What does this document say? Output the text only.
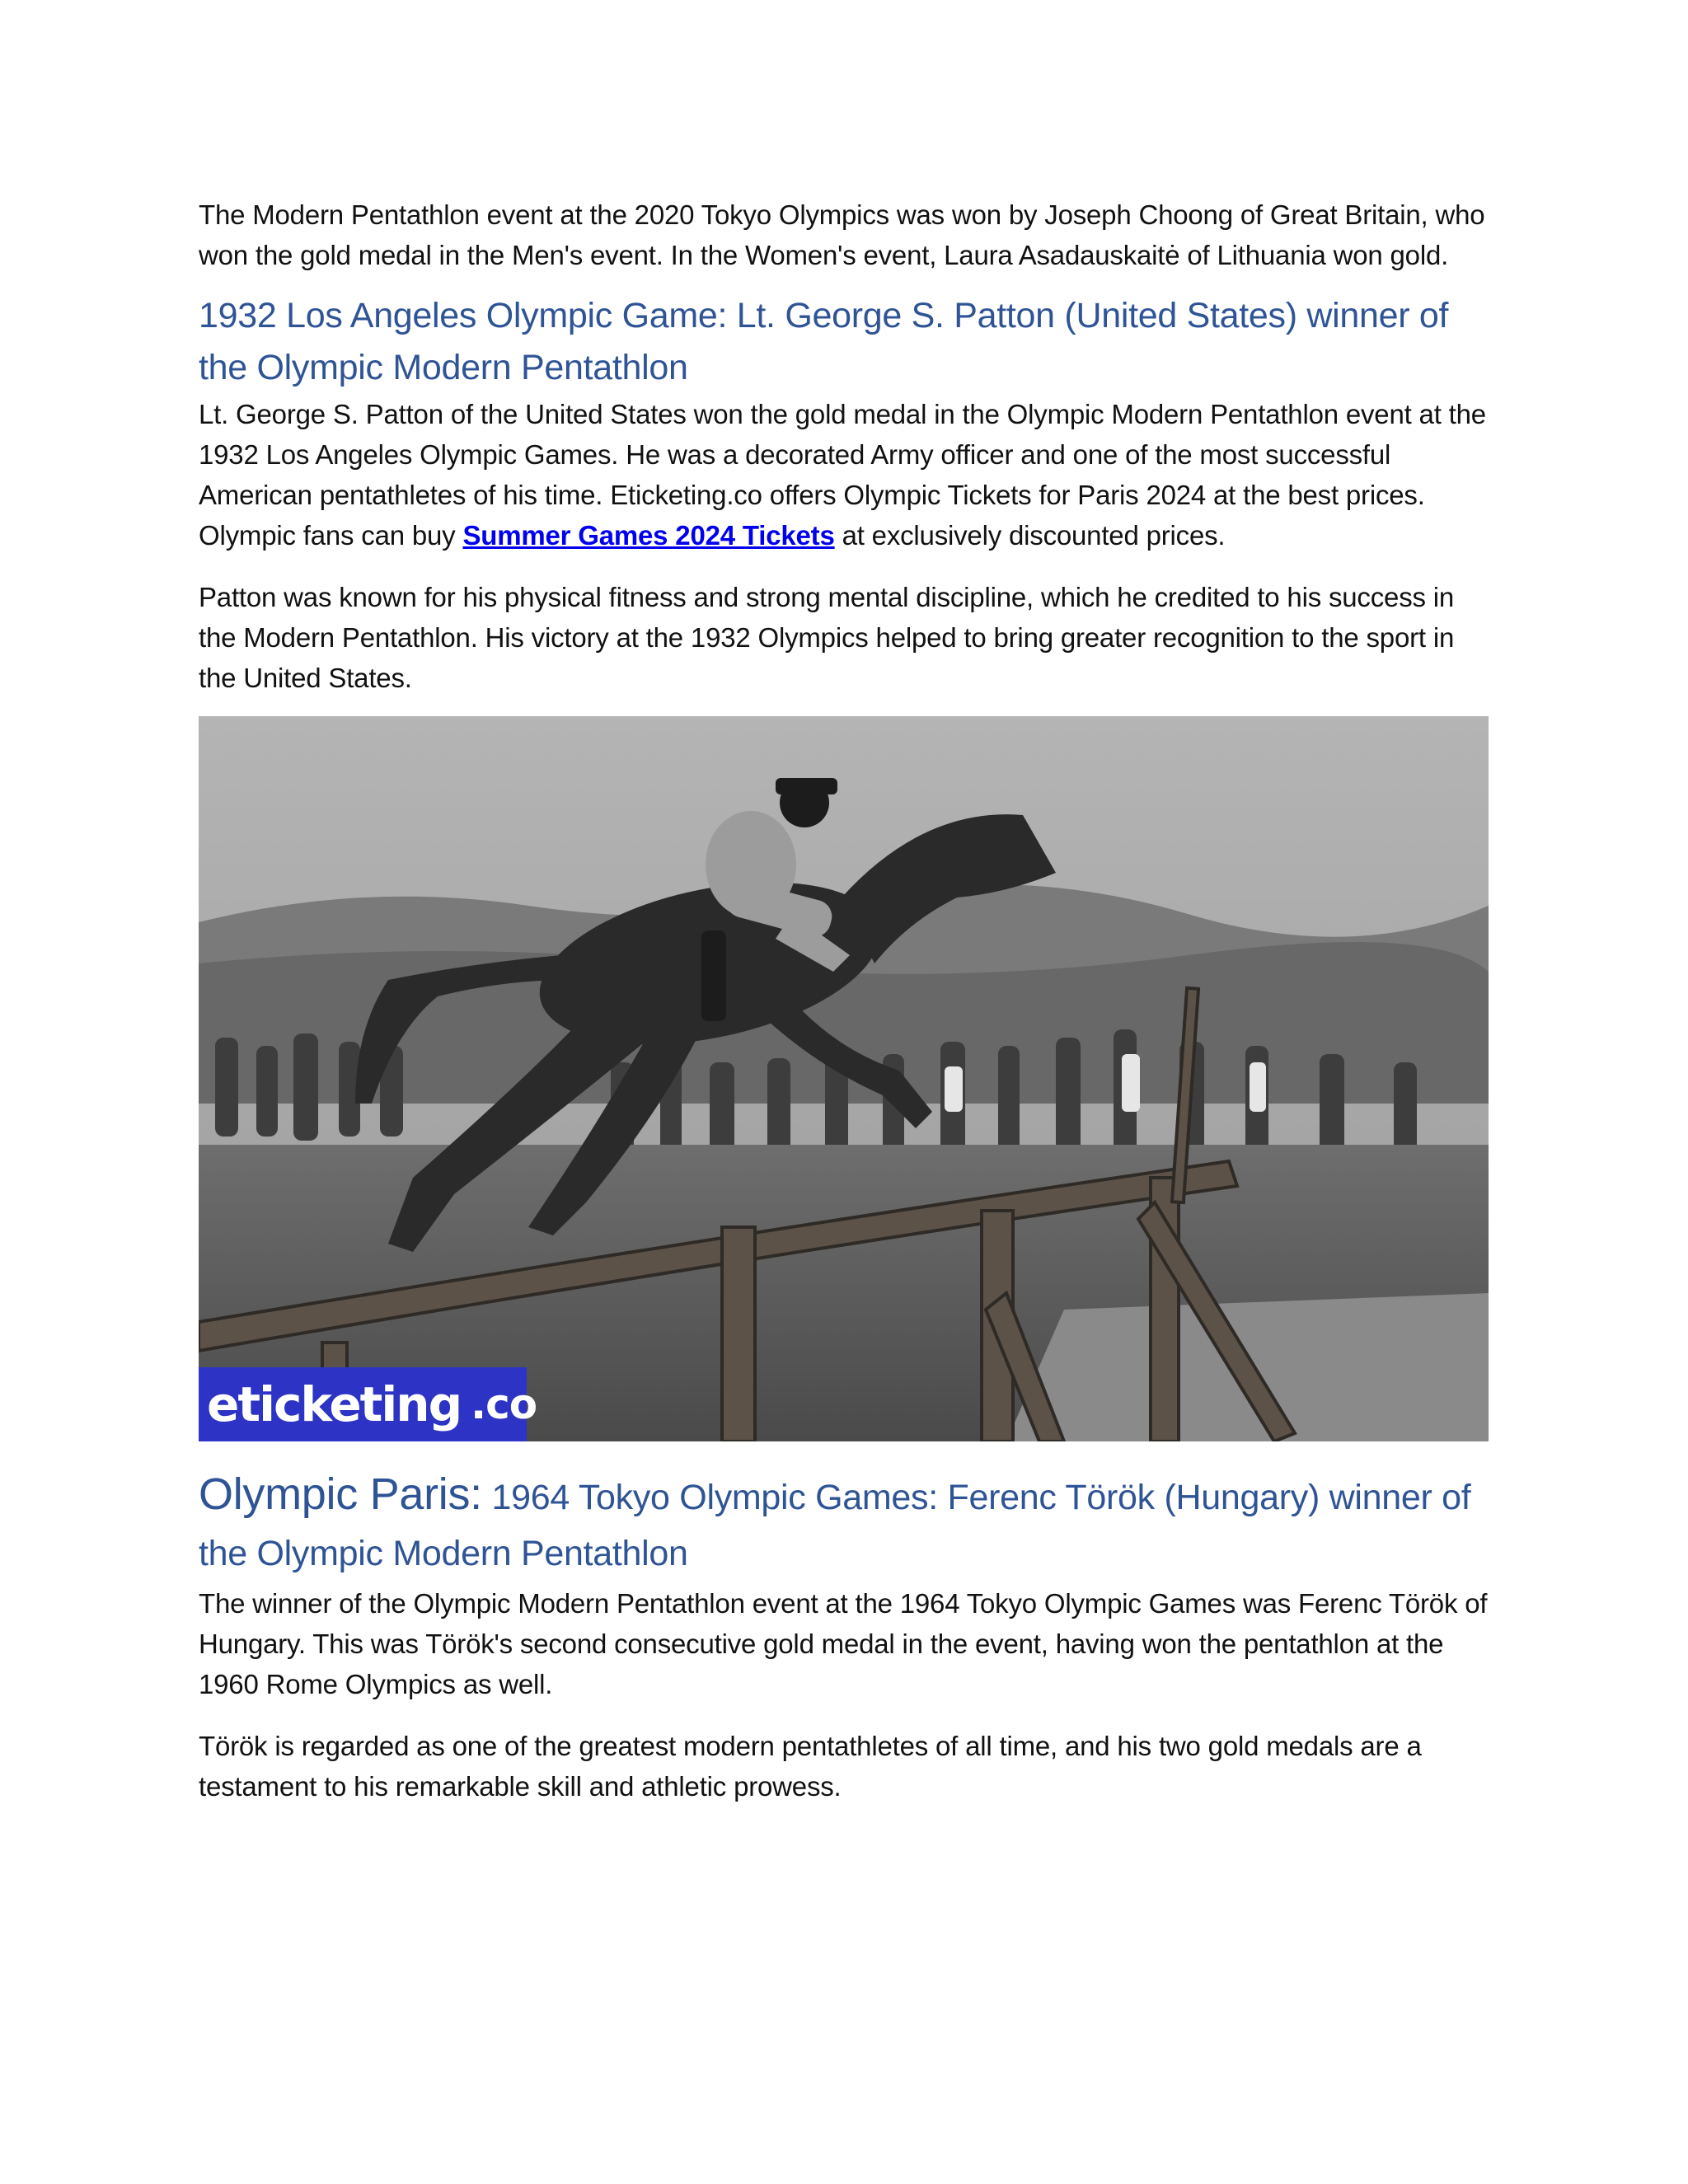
The Modern Pentathlon event at the 2020 Tokyo Olympics was won by Joseph Choong of Great Britain, who won the gold medal in the Men's event. In the Women's event, Laura Asadauskaitė of Lithuania won gold.

1932 Los Angeles Olympic Game: Lt. George S. Patton (United States) winner of the Olympic Modern Pentathlon

Lt. George S. Patton of the United States won the gold medal in the Olympic Modern Pentathlon event at the 1932 Los Angeles Olympic Games. He was a decorated Army officer and one of the most successful American pentathletes of his time. Eticketing.co offers Olympic Tickets for Paris 2024 at the best prices. Olympic fans can buy Summer Games 2024 Tickets at exclusively discounted prices.

Patton was known for his physical fitness and strong mental discipline, which he credited to his success in the Modern Pentathlon. His victory at the 1932 Olympics helped to bring greater recognition to the sport in the United States.

eticketing .co
Olympic Paris: 1964 Tokyo Olympic Games: Ferenc Török (Hungary) winner of the Olympic Modern Pentathlon

The winner of the Olympic Modern Pentathlon event at the 1964 Tokyo Olympic Games was Ferenc Török of Hungary. This was Török's second consecutive gold medal in the event, having won the pentathlon at the 1960 Rome Olympics as well.

Török is regarded as one of the greatest modern pentathletes of all time, and his two gold medals are a testament to his remarkable skill and athletic prowess.
